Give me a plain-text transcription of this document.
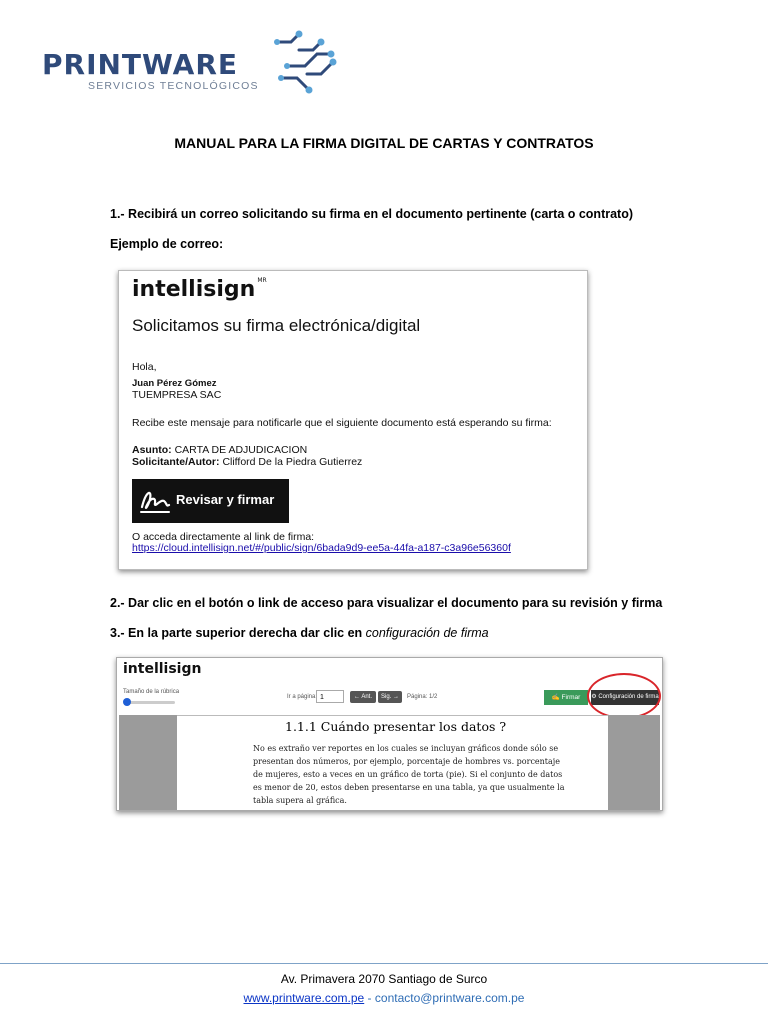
PRINTWARE
SERVICIOS TECNOLÓGICOS
MANUAL PARA LA FIRMA DIGITAL DE CARTAS Y CONTRATOS
1.- Recibirá un correo solicitando su firma en el documento pertinente (carta o contrato)
Ejemplo de correo:
intellisign $^{MR}$
Solicitamos su firma electrónica/digital
Hola,
Juan Pérez Gómez
TUEMPRESA SAC
Recibe este mensaje para notificarle que el siguiente documento está esperando su firma:
Asunto: CARTA DE ADJUDICACION
Solicitante/Autor: Clifford De la Piedra Gutierrez
Revisar y firmar
O acceda directamente al link de firma:
https://cloud.intellisign.net/#/public/sign/6bada9d9-ee5a-44fa-a187-c3a96e56360f
2.- Dar clic en el botón o link de acceso para visualizar el documento para su revisión y firma
3.- En la parte superior derecha dar clic en configuración de firma
intellisign
Tamaño de la rúbrica
Ir a página: 1	← Ant.	Sig. →	Página: 1/2	✍ Firmar	⚙ Configuración de firma
1.1.1 Cuándo presentar los datos ?
No es extraño ver reportes en los cuales se incluyan gráficos donde sólo se
presentan dos números, por ejemplo, porcentaje de hombres vs. porcentaje
de mujeres, esto a veces en un gráfico de torta (pie). Si el conjunto de datos
es menor de 20, estos deben presentarse en una tabla, ya que usualmente la
tabla supera al gráfica.
Av. Primavera 2070 Santiago de Surco
www.printware.com.pe - contacto@printware.com.pe
